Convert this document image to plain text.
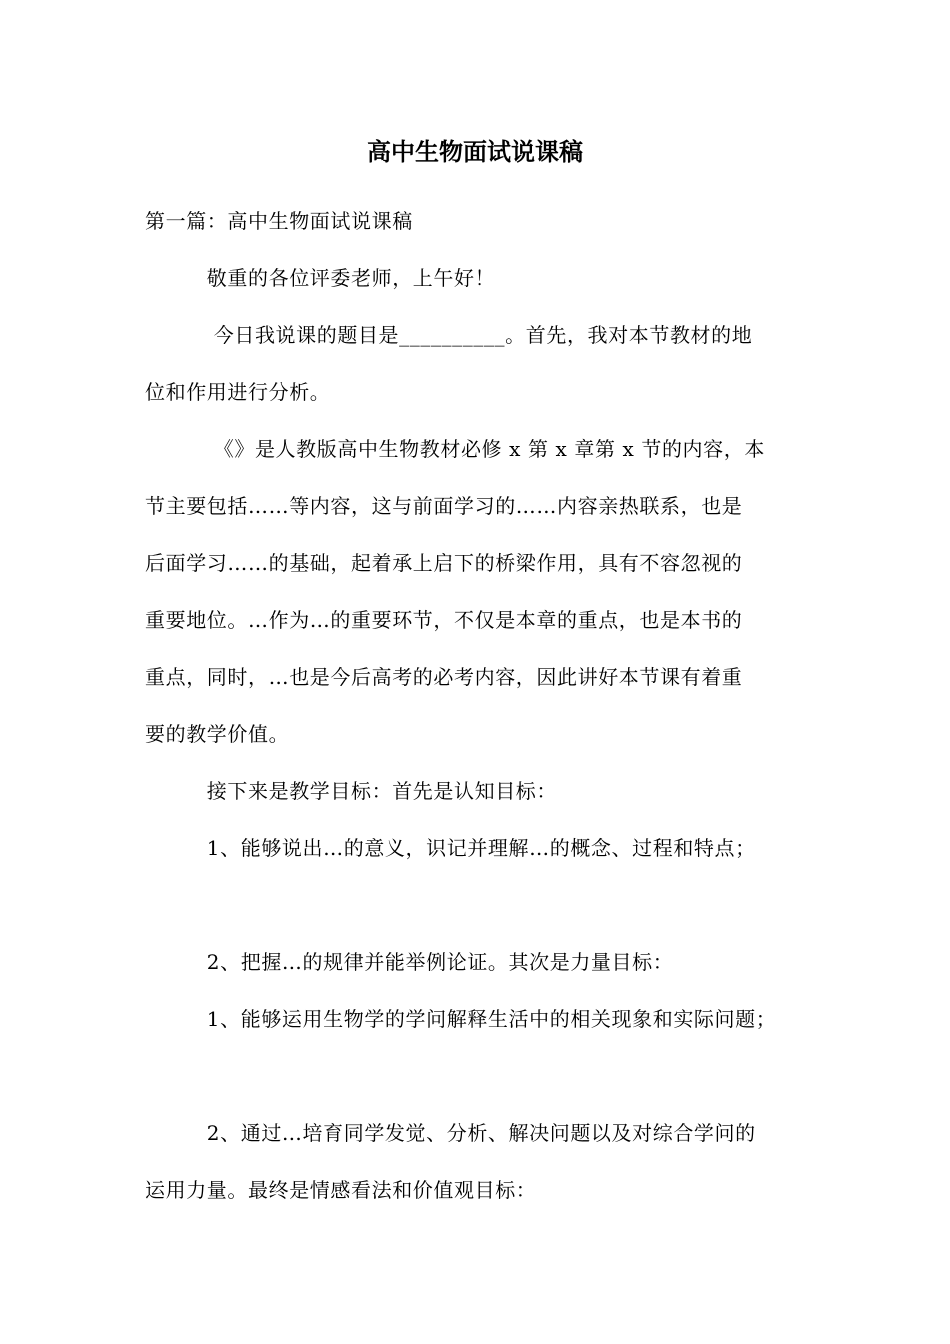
高中生物面试说课稿
第一篇：高中生物面试说课稿
　　　敬重的各位评委老师，上午好！
　　　 今日我说课的题目是__________。首先，我对本节教材的地
位和作用进行分析。
　　　 《》是人教版高中生物教材必修 x 第 x 章第 x 节的内容，本
节主要包括……等内容，这与前面学习的……内容亲热联系，也是
后面学习……的基础，起着承上启下的桥梁作用，具有不容忽视的
重要地位。…作为…的重要环节，不仅是本章的重点，也是本书的
重点，同时，…也是今后高考的必考内容，因此讲好本节课有着重
要的教学价值。
　　　接下来是教学目标：首先是认知目标：
　　　1、能够说出…的意义，识记并理解…的概念、过程和特点；
　　　2、把握…的规律并能举例论证。其次是力量目标：
　　　1、能够运用生物学的学问解释生活中的相关现象和实际问题；
　　　2、通过…培育同学发觉、分析、解决问题以及对综合学问的
运用力量。最终是情感看法和价值观目标：
